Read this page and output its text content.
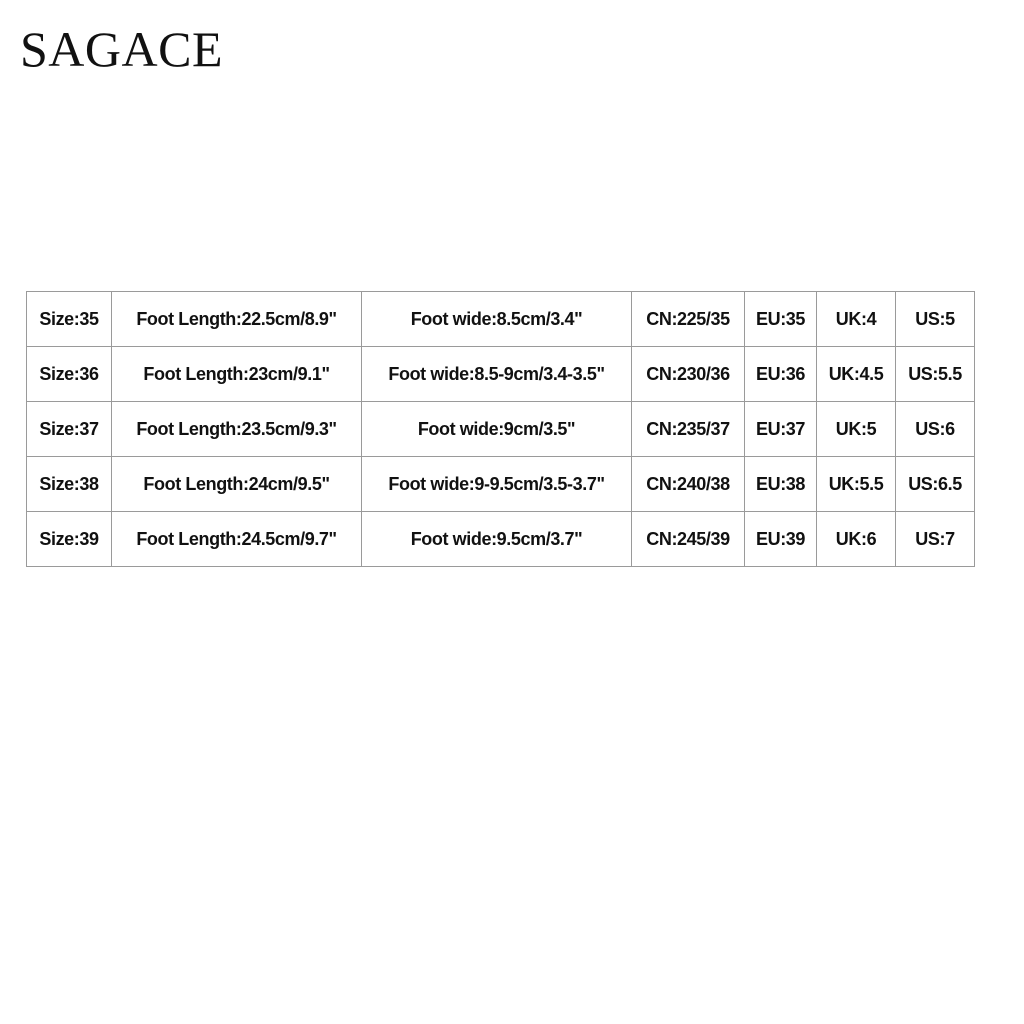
SAGACE
Size:35	Foot Length:22.5cm/8.9"	Foot wide:8.5cm/3.4"	CN:225/35	EU:35	UK:4	US:5
Size:36	Foot Length:23cm/9.1"	Foot wide:8.5-9cm/3.4-3.5"	CN:230/36	EU:36	UK:4.5	US:5.5
Size:37	Foot Length:23.5cm/9.3"	Foot wide:9cm/3.5"	CN:235/37	EU:37	UK:5	US:6
Size:38	Foot Length:24cm/9.5"	Foot wide:9-9.5cm/3.5-3.7"	CN:240/38	EU:38	UK:5.5	US:6.5
Size:39	Foot Length:24.5cm/9.7"	Foot wide:9.5cm/3.7"	CN:245/39	EU:39	UK:6	US:7
